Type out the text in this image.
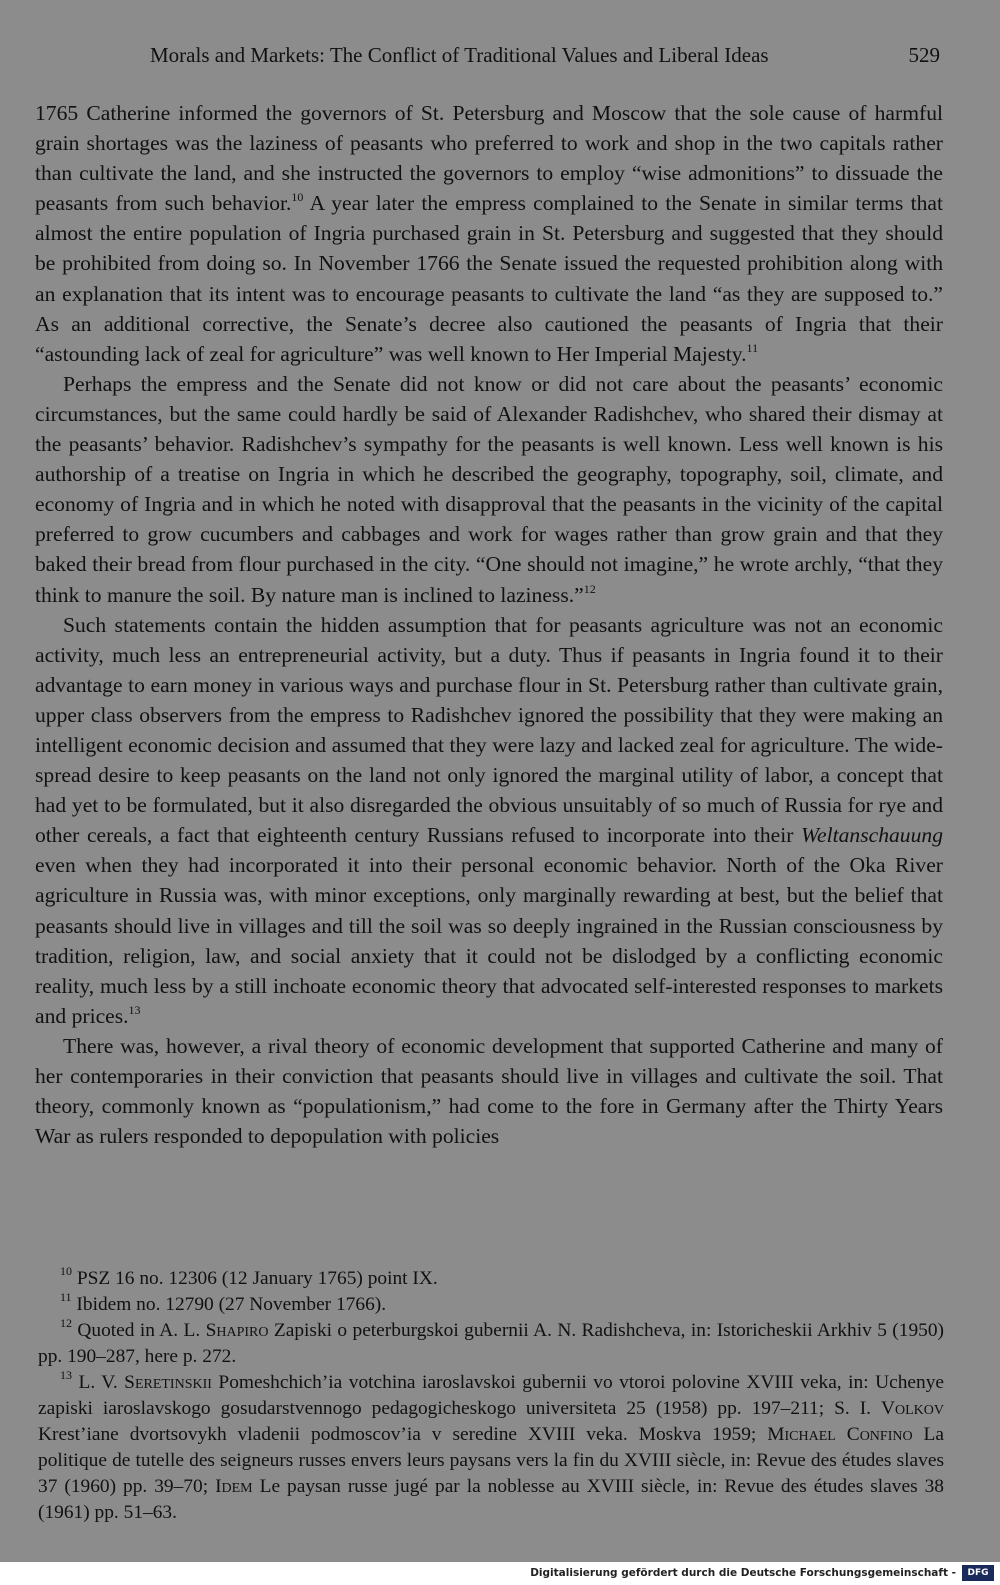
Morals and Markets: The Conflict of Traditional Values and Liberal Ideas	529

1765 Catherine informed the governors of St. Petersburg and Moscow that the sole cause of harmful grain shortages was the laziness of peasants who preferred to work and shop in the two capitals rather than cultivate the land, and she instructed the governors to employ “wise admonitions” to dissuade the peasants from such behavior.$^{10}$ A year later the empress complained to the Senate in similar terms that almost the entire population of Ingria purchased grain in St. Petersburg and suggested that they should be prohibited from doing so. In November 1766 the Senate issued the requested prohibition along with an explanation that its intent was to encourage peasants to cultivate the land “as they are supposed to.” As an additional corrective, the Senate’s decree also cautioned the peasants of Ingria that their “astounding lack of zeal for agriculture” was well known to Her Imperial Majesty.$^{11}$

Perhaps the empress and the Senate did not know or did not care about the peasants’ economic circumstances, but the same could hardly be said of Alexander Radishchev, who shared their dismay at the peasants’ behavior. Radishchev’s sympathy for the peasants is well known. Less well known is his authorship of a treatise on Ingria in which he described the geography, topography, soil, climate, and economy of Ingria and in which he noted with disapproval that the peasants in the vicinity of the capital preferred to grow cucumbers and cabbages and work for wages rather than grow grain and that they baked their bread from flour purchased in the city. “One should not imagine,” he wrote archly, “that they think to manure the soil. By nature man is inclined to laziness.”$^{12}$

Such statements contain the hidden assumption that for peasants agriculture was not an economic activity, much less an entrepreneurial activity, but a duty. Thus if peasants in Ingria found it to their advantage to earn money in various ways and purchase flour in St. Petersburg rather than cultivate grain, upper class observers from the empress to Radishchev ignored the possibility that they were making an intelligent economic decision and assumed that they were lazy and lacked zeal for agriculture. The wide-spread desire to keep peasants on the land not only ignored the marginal utility of labor, a concept that had yet to be formulated, but it also disregarded the obvious unsuitably of so much of Russia for rye and other cereals, a fact that eighteenth century Russians refused to incorporate into their Weltanschauung even when they had incorporated it into their personal economic behavior. North of the Oka River agriculture in Russia was, with minor exceptions, only marginally rewarding at best, but the belief that peasants should live in villages and till the soil was so deeply ingrained in the Russian consciousness by tradition, religion, law, and social anxiety that it could not be dislodged by a conflicting economic reality, much less by a still inchoate economic theory that advocated self-interested responses to markets and prices.$^{13}$

There was, however, a rival theory of economic development that supported Catherine and many of her contemporaries in their conviction that peasants should live in villages and cultivate the soil. That theory, commonly known as “populationism,” had come to the fore in Germany after the Thirty Years War as rulers responded to depopulation with policies

$^{10}$ PSZ 16 no. 12306 (12 January 1765) point IX.

$^{11}$ Ibidem no. 12790 (27 November 1766).

$^{12}$ Quoted in A. L. Shapiro Zapiski o peterburgskoi gubernii A. N. Radishcheva, in: Istoricheskii Arkhiv 5 (1950) pp. 190–287, here p. 272.

$^{13}$ L. V. Seretinskii Pomeshchich’ia votchina iaroslavskoi gubernii vo vtoroi polovine XVIII veka, in: Uchenye zapiski iaroslavskogo gosudarstvennogo pedagogicheskogo universiteta 25 (1958) pp. 197–211; S. I. Volkov Krest’iane dvortsovykh vladenii podmoscov’ia v seredine XVIII veka. Moskva 1959; Michael Confino La politique de tutelle des seigneurs russes envers leurs paysans vers la fin du XVIII siècle, in: Revue des études slaves 37 (1960) pp. 39–70; Idem Le paysan russe jugé par la noblesse au XVIII siècle, in: Revue des études slaves 38 (1961) pp. 51–63.

Digitalisierung gefördert durch die Deutsche Forschungsgemeinschaft -	DFG
